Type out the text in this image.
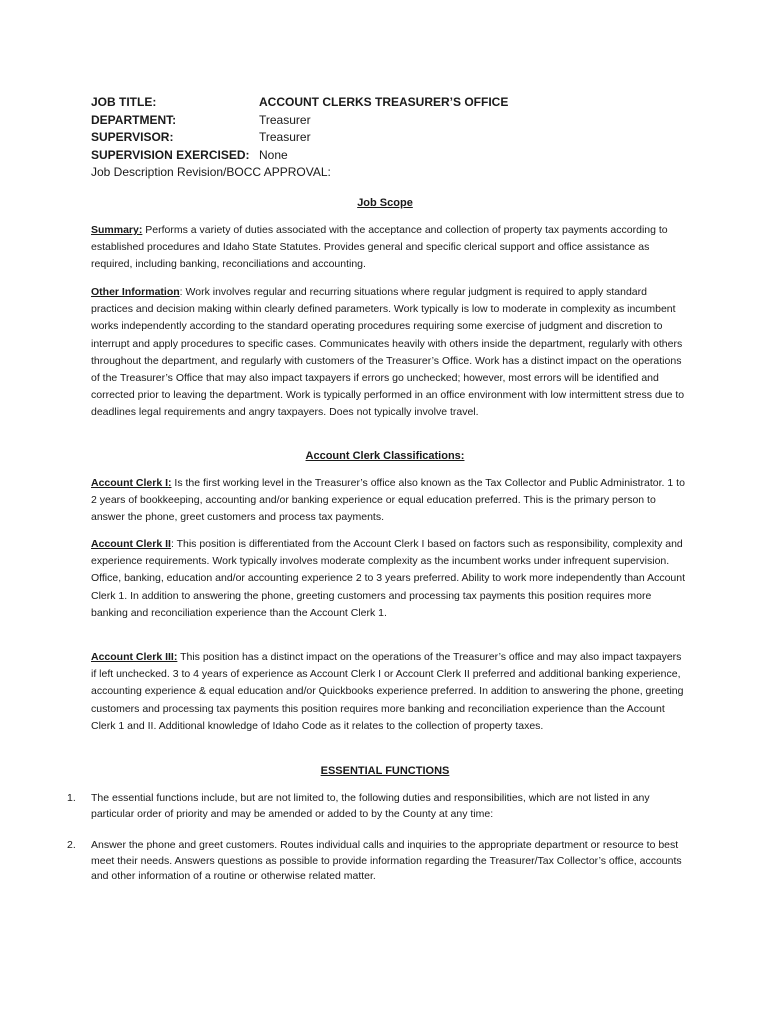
JOB TITLE:	ACCOUNT CLERKS TREASURER’S OFFICE
DEPARTMENT:	Treasurer
SUPERVISOR:	Treasurer
SUPERVISION EXERCISED: None
Job Description Revision/BOCC APPROVAL:
Job Scope
Summary: Performs a variety of duties associated with the acceptance and collection of property tax payments according to established procedures and Idaho State Statutes. Provides general and specific clerical support and office assistance as required, including banking, reconciliations and accounting.
Other Information: Work involves regular and recurring situations where regular judgment is required to apply standard practices and decision making within clearly defined parameters. Work typically is low to moderate in complexity as incumbent works independently according to the standard operating procedures requiring some exercise of judgment and discretion to interrupt and apply procedures to specific cases. Communicates heavily with others inside the department, regularly with others throughout the department, and regularly with customers of the Treasurer’s Office. Work has a distinct impact on the operations of the Treasurer’s Office that may also impact taxpayers if errors go unchecked; however, most errors will be identified and corrected prior to leaving the department. Work is typically performed in an office environment with low intermittent stress due to deadlines legal requirements and angry taxpayers. Does not typically involve travel.
Account Clerk Classifications:
Account Clerk I: Is the first working level in the Treasurer’s office also known as the Tax Collector and Public Administrator. 1 to 2 years of bookkeeping, accounting and/or banking experience or equal education preferred. This is the primary person to answer the phone, greet customers and process tax payments.
Account Clerk II: This position is differentiated from the Account Clerk I based on factors such as responsibility, complexity and experience requirements. Work typically involves moderate complexity as the incumbent works under infrequent supervision. Office, banking, education and/or accounting experience 2 to 3 years preferred. Ability to work more independently than Account Clerk 1. In addition to answering the phone, greeting customers and processing tax payments this position requires more banking and reconciliation experience than the Account Clerk 1.
Account Clerk III: This position has a distinct impact on the operations of the Treasurer’s office and may also impact taxpayers if left unchecked. 3 to 4 years of experience as Account Clerk I or Account Clerk II preferred and additional banking experience, accounting experience & equal education and/or Quickbooks experience preferred. In addition to answering the phone, greeting customers and processing tax payments this position requires more banking and reconciliation experience than the Account Clerk 1 and II. Additional knowledge of Idaho Code as it relates to the collection of property taxes.
ESSENTIAL FUNCTIONS
1.	The essential functions include, but are not limited to, the following duties and responsibilities, which are not listed in any particular order of priority and may be amended or added to by the County at any time:
2.	Answer the phone and greet customers. Routes individual calls and inquiries to the appropriate department or resource to best meet their needs. Answers questions as possible to provide information regarding the Treasurer/Tax Collector’s office, accounts and other information of a routine or otherwise related matter.
